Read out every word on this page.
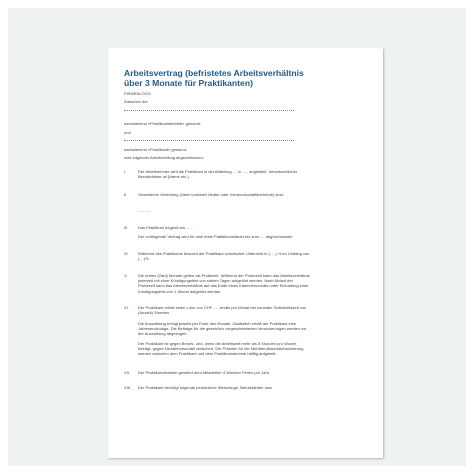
Arbeitsvertrag (befristetes Arbeitsverhältnis
über 3 Monate für Praktikanten)
FIRMENLOGO
Zwischen der
nachstehend «Praktikumsbetrieb» genannt,
und
nachstehend «Praktikant» genannt,
wird folgender Arbeitsvertrag abgeschlossen:
I.	Der Arbeitnehmer wird als Praktikant in der Abteilung .... in ..... angestellt. Verantwortlicher
Berufsbildner ist (Name etc.).
II.	Gesetzliche Vertretung (Vater und/oder Mutter oder Vormundschaftsbehörde) sind :
............
III. Das Praktikum beginnt am ..... .
Der vorliegende Vertrag wird für eine feste Praktikumsdauer bis zum .... abgeschlossen.
IV. Während des Praktikums besucht der Praktikant schulischer Unterricht in (.....) % im Umfang von
(....)%.
V.	Die ersten (Zahl) Monate gelten als Probezeit. Während der Probezeit kann das Arbeitsverhältnis
jederzeit mit einer Kündigungsfrist von sieben Tagen aufgelöst werden. Nach Ablauf der
Probezeit kann das Arbeitsverhältnis auf das Ende eines Kalendermonats unter Einhaltung einer
Kündigungsfrist von 1 Monat aufgelöst werden.
VI. Der Praktikant erhält einen Lohn von CHF ..... brutto pro Monat bei normaler Sollarbeitszeit von
(Anzahl) Stunden.
Die Auszahlung erfolgt jeweils per Ende des Monats. Zusätzlich erhält der Praktikant eine
Jahresendzulage. Die Beiträge für die gesetzlich vorgeschriebenen Versicherungen werden vor
der Auszahlung abgezogen.
Der Praktikant ist gegen Berufs- und, wenn die Arbeitszeit mehr als 8 Stunden pro Woche
beträgt, gegen Nichtberufsunfall versichert. Die Prämien für die Nichtberufsunfallversicherung
werden zwischen dem Praktikant und dem Praktikumsbetrieb hälftig aufgeteilt.
VII. Der Praktikumsbetrieb gewährt dem Mitarbeiter 4 Wochen Ferien pro Jahr.
VIII. Der Praktikant benötigt folgende persönliche Werkzeuge, Berufskleider usw.
